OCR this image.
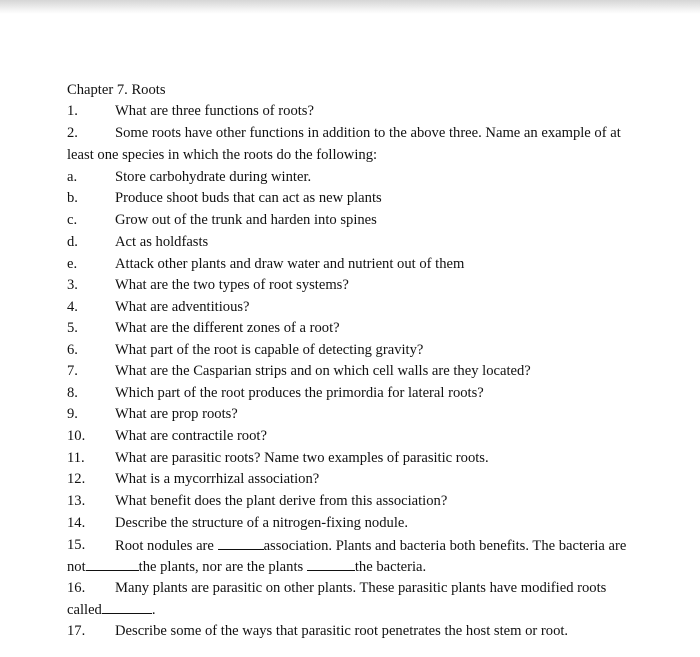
Chapter 7. Roots
1.	What are three functions of roots?
2.	Some roots have other functions in addition to the above three. Name an example of at
least one species in which the roots do the following:
a.	Store carbohydrate during winter.
b.	Produce shoot buds that can act as new plants
c.	Grow out of the trunk and harden into spines
d.	Act as holdfasts
e.	Attack other plants and draw water and nutrient out of them
3.	What are the two types of root systems?
4.	What are adventitious?
5.	What are the different zones of a root?
6.	What part of the root is capable of detecting gravity?
7.	What are the Casparian strips and on which cell walls are they located?
8.	Which part of the root produces the primordia for lateral roots?
9.	What are prop roots?
10. What are contractile root?
11. What are parasitic roots? Name two examples of parasitic roots.
12. What is a mycorrhizal association?
13. What benefit does the plant derive from this association?
14. Describe the structure of a nitrogen-fixing nodule.
15. Root nodules are	association. Plants and bacteria both benefits. The bacteria are
not	the plants, nor are the plants	the bacteria.
16. Many plants are parasitic on other plants. These parasitic plants have modified roots
called	.
17. Describe some of the ways that parasitic root penetrates the host stem or root.
